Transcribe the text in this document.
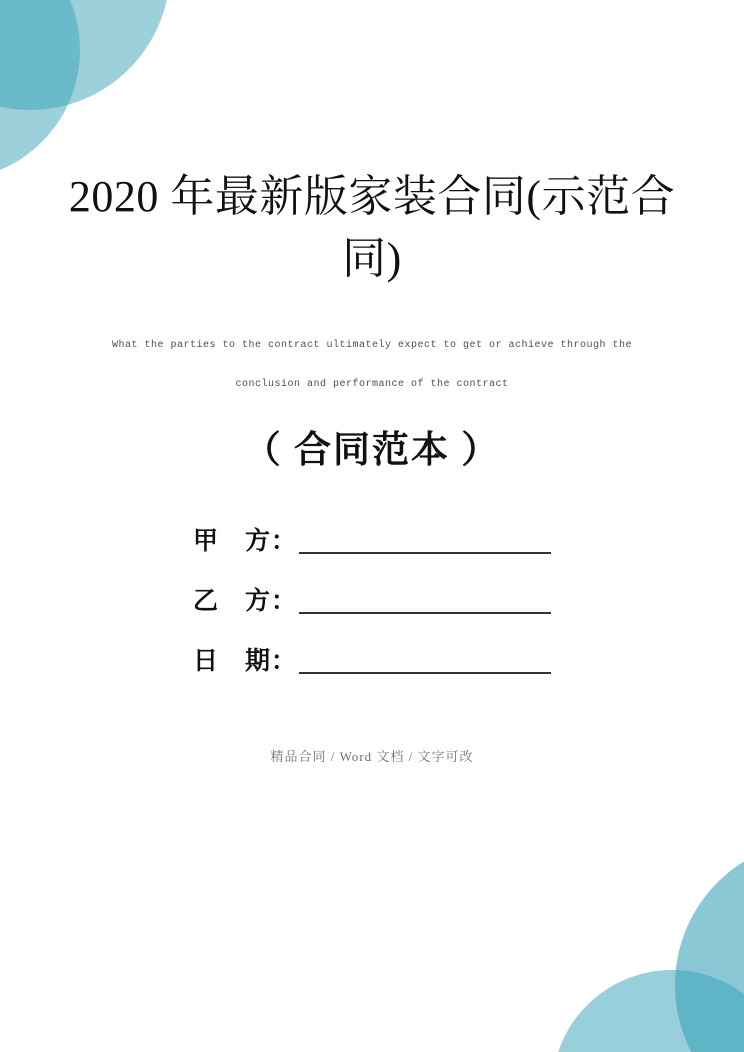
2020 年最新版家装合同(示范合
同)
What the parties to the contract ultimately expect to get or achieve through the
conclusion and performance of the contract
（ 合同范本 ）
甲　方：
乙　方：
日　期：
精品合同 / Word 文档 / 文字可改
